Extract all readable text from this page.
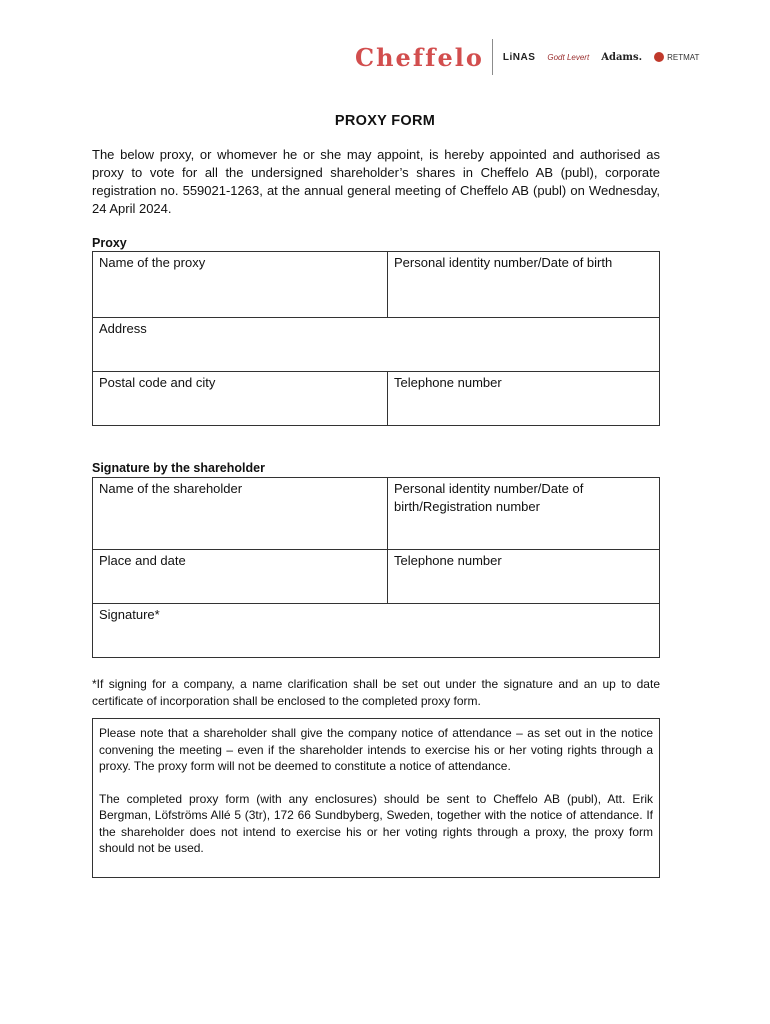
Cheffelo LiNAS Godt Levert Adams.	RETMAT
PROXY FORM
The below proxy, or whomever he or she may appoint, is hereby appointed and authorised as proxy to vote for all the undersigned shareholder’s shares in Cheffelo AB (publ), corporate registration no. 559021-1263, at the annual general meeting of Cheffelo AB (publ) on Wednesday, 24 April 2024.
Proxy
Name of the proxy	Personal identity number/Date of birth
Address	
Postal code and city	Telephone number
Signature by the shareholder
Name of the shareholder	Personal identity number/Date of birth/Registration number
Place and date	Telephone number
Signature*	
*If signing for a company, a name clarification shall be set out under the signature and an up to date certificate of incorporation shall be enclosed to the completed proxy form.

Please note that a shareholder shall give the company notice of attendance – as set out in the notice convening the meeting – even if the shareholder intends to exercise his or her voting rights through a proxy. The proxy form will not be deemed to constitute a notice of attendance.

The completed proxy form (with any enclosures) should be sent to Cheffelo AB (publ), Att. Erik Bergman, Löfströms Allé 5 (3tr), 172 66 Sundbyberg, Sweden, together with the notice of attendance. If the shareholder does not intend to exercise his or her voting rights through a proxy, the proxy form should not be used.
